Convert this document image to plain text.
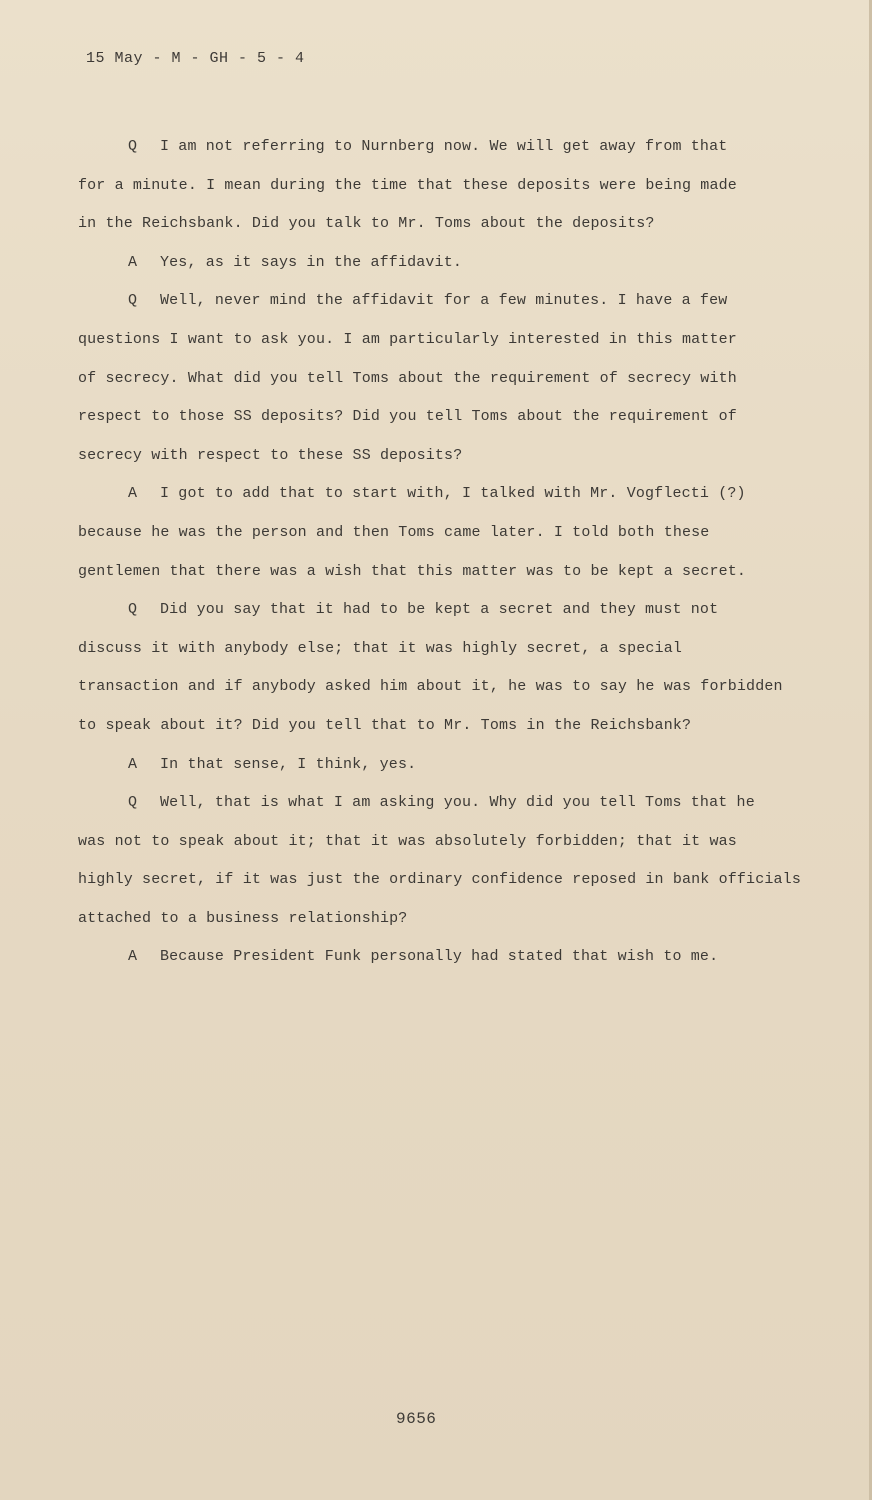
15 May - M - GH - 5 - 4
Q I am not referring to Nurnberg now. We will get away from that
for a minute. I mean during the time that these deposits were being made
in the Reichsbank. Did you talk to Mr. Toms about the deposits?
A Yes, as it says in the affidavit.
Q Well, never mind the affidavit for a few minutes. I have a few
questions I want to ask you. I am particularly interested in this matter
of secrecy. What did you tell Toms about the requirement of secrecy with
respect to those SS deposits? Did you tell Toms about the requirement of
secrecy with respect to these SS deposits?
A I got to add that to start with, I talked with Mr. Vogflecti (?)
because he was the person and then Toms came later. I told both these
gentlemen that there was a wish that this matter was to be kept a secret.
Q Did you say that it had to be kept a secret and they must not
discuss it with anybody else; that it was highly secret, a special
transaction and if anybody asked him about it, he was to say he was forbidden
to speak about it? Did you tell that to Mr. Toms in the Reichsbank?
A In that sense, I think, yes.
Q Well, that is what I am asking you. Why did you tell Toms that he
was not to speak about it; that it was absolutely forbidden; that it was
highly secret, if it was just the ordinary confidence reposed in bank officials
attached to a business relationship?
A Because President Funk personally had stated that wish to me.
9656
